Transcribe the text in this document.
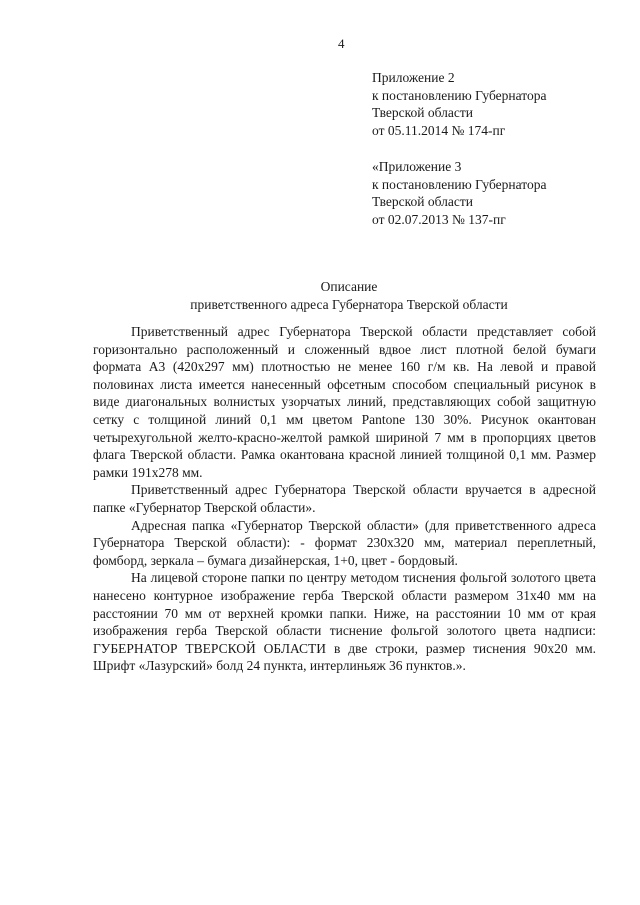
4
Приложение 2
к постановлению Губернатора
Тверской области
от 05.11.2014 № 174-пг
«Приложение 3
к постановлению Губернатора
Тверской области
от 02.07.2013 № 137-пг
Описание
приветственного адреса Губернатора Тверской области

Приветственный адрес Губернатора Тверской области представляет собой горизонтально расположенный и сложенный вдвое лист плотной белой бумаги формата А3 (420х297 мм) плотностью не менее 160 г/м кв. На левой и правой половинах листа имеется нанесенный офсетным способом специальный рисунок в виде диагональных волнистых узорчатых линий, представляющих собой защитную сетку с толщиной линий 0,1 мм цветом Pantone 130 30%. Рисунок окантован четырехугольной желто-красно-желтой рамкой шириной 7 мм в пропорциях цветов флага Тверской области. Рамка окантована красной линией толщиной 0,1 мм. Размер рамки 191х278 мм.

Приветственный адрес Губернатора Тверской области вручается в адресной папке «Губернатор Тверской области».

Адресная папка «Губернатор Тверской области» (для приветственного адреса Губернатора Тверской области): - формат 230х320 мм, материал переплетный, фомборд, зеркала – бумага дизайнерская, 1+0, цвет - бордовый.

На лицевой стороне папки по центру методом тиснения фольгой золотого цвета нанесено контурное изображение герба Тверской области размером 31х40 мм на расстоянии 70 мм от верхней кромки папки. Ниже, на расстоянии 10 мм от края изображения герба Тверской области тиснение фольгой золотого цвета надписи: ГУБЕРНАТОР ТВЕРСКОЙ ОБЛАСТИ в две строки, размер тиснения 90х20 мм. Шрифт «Лазурский» болд 24 пункта, интерлиньяж 36 пунктов.».
